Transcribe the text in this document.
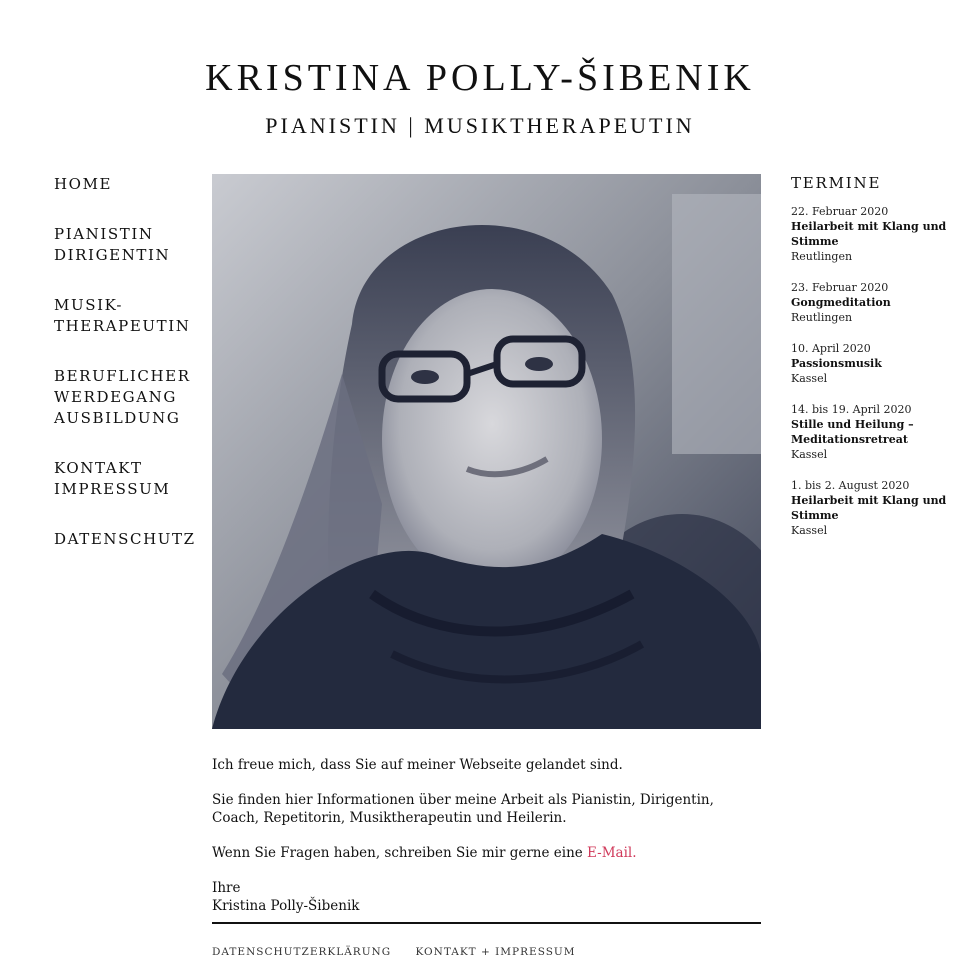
KRISTINA POLLY-ŠIBENIK
PIANISTIN | MUSIKTHERAPEUTIN
HOME
PIANISTIN
DIRIGENTIN
MUSIK-
THERAPEUTIN
BERUFLICHER
WERDEGANG
AUSBILDUNG
KONTAKT
IMPRESSUM
DATENSCHUTZ

Ich freue mich, dass Sie auf meiner Webseite gelandet sind.

Sie finden hier Informationen über meine Arbeit als Pianistin, Dirigentin, Coach, Repetitorin, Musiktherapeutin und Heilerin.

Wenn Sie Fragen haben, schreiben Sie mir gerne eine E-Mail.

Ihre
Kristina Polly-Šibenik

DATENSCHUTZERKLÄRUNG KONTAKT + IMPRESSUM
TERMINE
22. Februar 2020
Heilarbeit mit Klang und Stimme
Reutlingen
23. Februar 2020
Gongmeditation
Reutlingen
10. April 2020
Passionsmusik
Kassel
14. bis 19. April 2020
Stille und Heilung – Meditationsretreat
Kassel
1. bis 2. August 2020
Heilarbeit mit Klang und Stimme
Kassel
